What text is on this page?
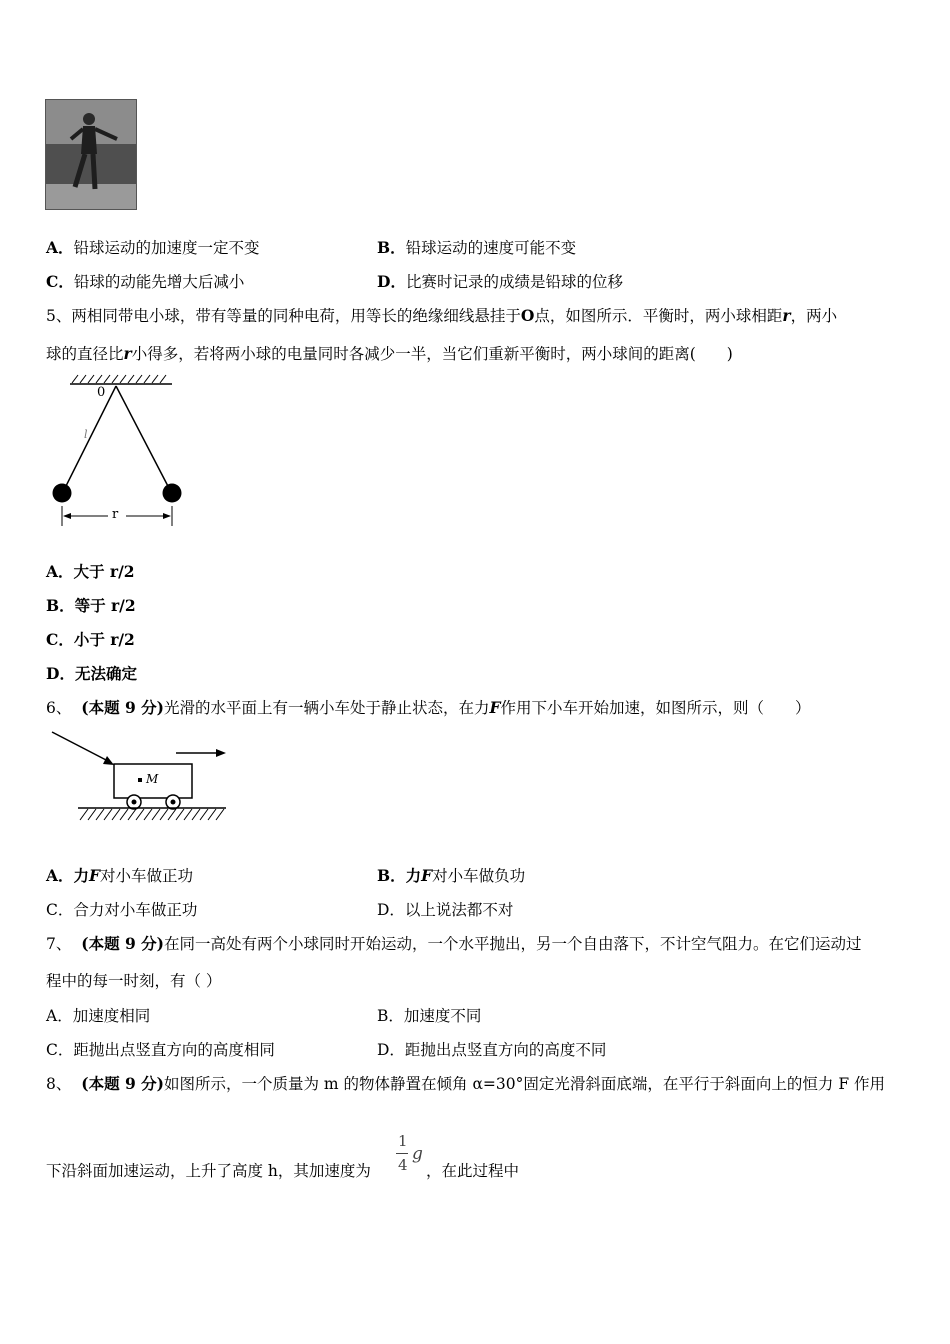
A．铅球运动的加速度一定不变	B．铅球运动的速度可能不变
C．铅球的动能先增大后减小	D．比赛时记录的成绩是铅球的位移
5、两相同带电小球，带有等量的同种电荷，用等长的绝缘细线悬挂于O点，如图所示．平衡时，两小球相距r，两小
球的直径比r小得多，若将两小球的电量同时各减少一半，当它们重新平衡时，两小球间的距离(　　)
0
l
r
A．大于 r/2
B．等于 r/2
C．小于 r/2
D．无法确定
6、 (本题 9 分)光滑的水平面上有一辆小车处于静止状态，在力F作用下小车开始加速，如图所示，则（　　）
M
A．力F对小车做正功	B．力F对小车做负功
C．合力对小车做正功	D．以上说法都不对
7、 (本题 9 分)在同一高处有两个小球同时开始运动，一个水平抛出，另一个自由落下，不计空气阻力。在它们运动过
程中的每一时刻，有（ ）
A．加速度相同	B．加速度不同
C．距抛出点竖直方向的高度相同	D．距抛出点竖直方向的高度不同
8、 (本题 9 分)如图所示，一个质量为 m 的物体静置在倾角 α=30°固定光滑斜面底端，在平行于斜面向上的恒力 F 作用
下沿斜面加速运动，上升了高度 h，其加速度为
1
4
g
，在此过程中
